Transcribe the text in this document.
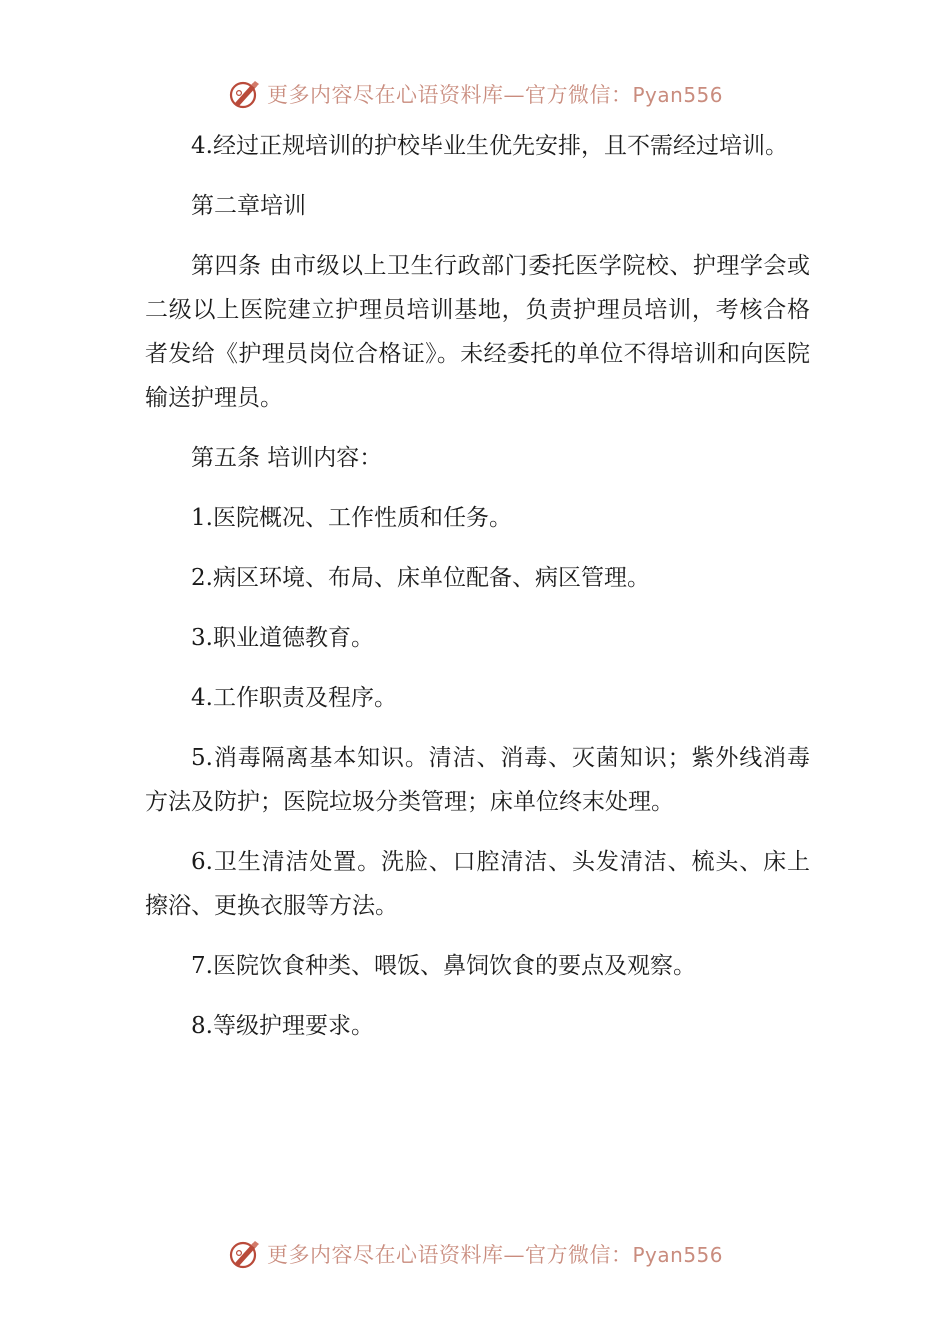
更多内容尽在心语资料库—官方微信：Pyan556

4.经过正规培训的护校毕业生优先安排，且不需经过培训。

第二章培训

第四条 由市级以上卫生行政部门委托医学院校、护理学会或二级以上医院建立护理员培训基地，负责护理员培训，考核合格者发给《护理员岗位合格证》。未经委托的单位不得培训和向医院输送护理员。

第五条 培训内容：

1.医院概况、工作性质和任务。

2.病区环境、布局、床单位配备、病区管理。

3.职业道德教育。

4.工作职责及程序。

5.消毒隔离基本知识。清洁、消毒、灭菌知识；紫外线消毒方法及防护；医院垃圾分类管理；床单位终末处理。

6.卫生清洁处置。洗脸、口腔清洁、头发清洁、梳头、床上擦浴、更换衣服等方法。

7.医院饮食种类、喂饭、鼻饲饮食的要点及观察。

8.等级护理要求。

更多内容尽在心语资料库—官方微信：Pyan556
